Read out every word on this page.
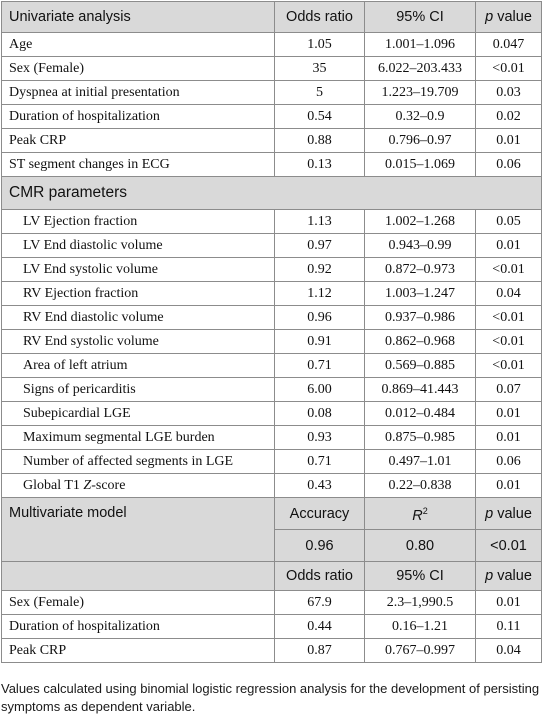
Univariate analysis	Odds ratio	95% CI	p value
Age	1.05	1.001–1.096	0.047
Sex (Female)	35	6.022–203.433	<0.01
Dyspnea at initial presentation	5	1.223–19.709	0.03
Duration of hospitalization	0.54	0.32–0.9	0.02
Peak CRP	0.88	0.796–0.97	0.01
ST segment changes in ECG	0.13	0.015–1.069	0.06
CMR parameters			
LV Ejection fraction	1.13	1.002–1.268	0.05
LV End diastolic volume	0.97	0.943–0.99	0.01
LV End systolic volume	0.92	0.872–0.973	<0.01
RV Ejection fraction	1.12	1.003–1.247	0.04
RV End diastolic volume	0.96	0.937–0.986	<0.01
RV End systolic volume	0.91	0.862–0.968	<0.01
Area of left atrium	0.71	0.569–0.885	<0.01
Signs of pericarditis	6.00	0.869–41.443	0.07
Subepicardial LGE	0.08	0.012–0.484	0.01
Maximum segmental LGE burden	0.93	0.875–0.985	0.01
Number of affected segments in LGE	0.71	0.497–1.01	0.06
Global T1 Z-score	0.43	0.22–0.838	0.01
Multivariate model	Accuracy	$R^2$	p value
	0.96	0.80	<0.01
	Odds ratio	95% CI	p value
Sex (Female)	67.9	2.3–1,990.5	0.01
Duration of hospitalization	0.44	0.16–1.21	0.11
Peak CRP	0.87	0.767–0.997	0.04
Values calculated using binomial logistic regression analysis for the development of persisting symptoms as dependent variable.
